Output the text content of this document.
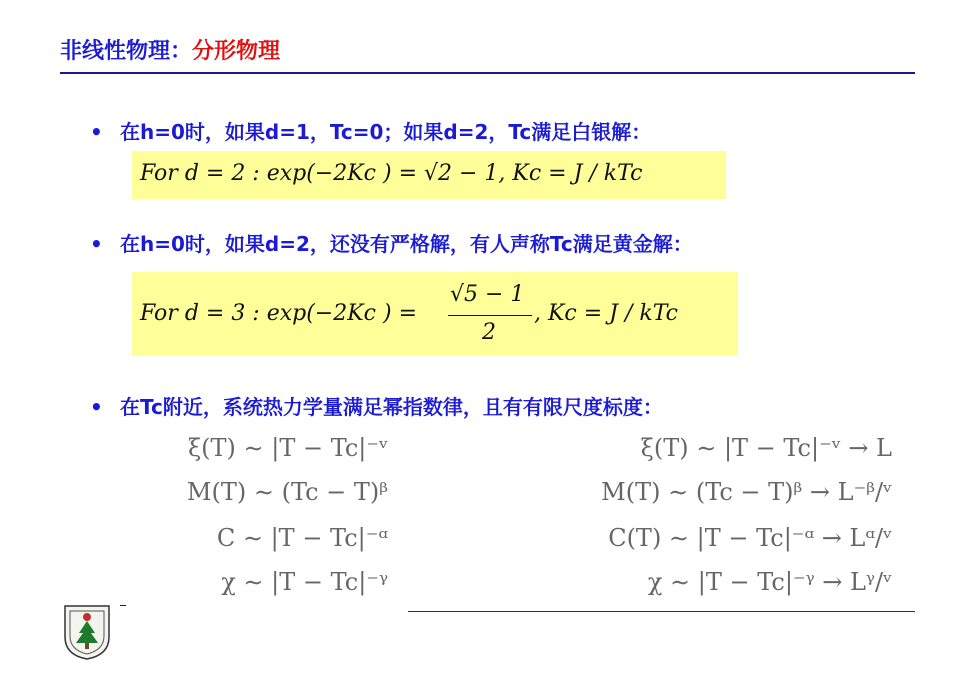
非线性物理：分形物理
• 在h=0时，如果d=1，Tc=0；如果d=2，Tc满足白银解：
For d = 2 : exp(−2Kc ) = √2 − 1, Kc = J / kTc
• 在h=0时，如果d=2，还没有严格解，有人声称Tc满足黄金解：
For d = 3 : exp(−2Kc ) =
√5 − 1
2
, Kc = J / kTc
• 在Tc附近，系统热力学量满足幂指数律，且有有限尺度标度：
ξ(T) ∼ |T − Tc|⁻ᵛ
M(T) ∼ (Tc − T)ᵝ
C ∼ |T − Tc|⁻ᵅ
χ ∼ |T − Tc|⁻ᵞ
ξ(T) ∼ |T − Tc|⁻ᵛ → L
M(T) ∼ (Tc − T)ᵝ → L⁻ᵝ/ᵛ
C(T) ∼ |T − Tc|⁻ᵅ → Lᵅ/ᵛ
χ ∼ |T − Tc|⁻ᵞ → Lᵞ/ᵛ
